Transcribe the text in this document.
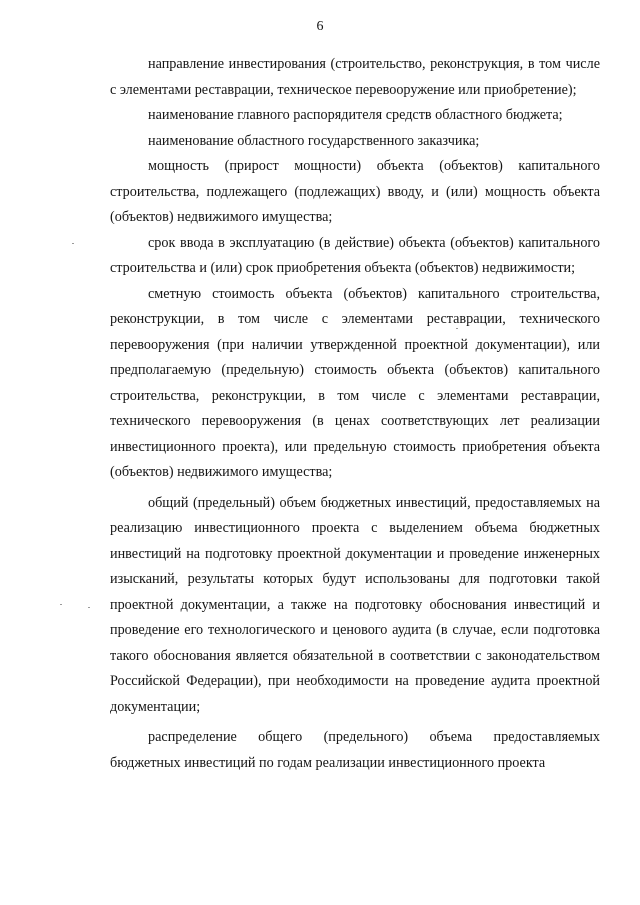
6

направление инвестирования (строительство, реконструкция, в том числе с элементами реставрации, техническое перевооружение или приобретение);

наименование главного распорядителя средств областного бюджета;

наименование областного государственного заказчика;

мощность (прирост мощности) объекта (объектов) капитального строительства, подлежащего (подлежащих) вводу, и (или) мощность объекта (объектов) недвижимого имущества;

срок ввода в эксплуатацию (в действие) объекта (объектов) капитального строительства и (или) срок приобретения объекта (объектов) недвижимости;

сметную стоимость объекта (объектов) капитального строительства, реконструкции, в том числе с элементами реставрации, технического перевооружения (при наличии утвержденной проектной документации), или предполагаемую (предельную) стоимость объекта (объектов) капитального строительства, реконструкции, в том числе с элементами реставрации, технического перевооружения (в ценах соответствующих лет реализации инвестиционного проекта), или предельную стоимость приобретения объекта (объектов) недвижимого имущества;

общий (предельный) объем бюджетных инвестиций, предоставляемых на реализацию инвестиционного проекта с выделением объема бюджетных инвестиций на подготовку проектной документации и проведение инженерных изысканий, результаты которых будут использованы для подготовки такой проектной документации, а также на подготовку обоснования инвестиций и проведение его технологического и ценового аудита (в случае, если подготовка такого обоснования является обязательной в соответствии с законодательством Российской Федерации), при необходимости на проведение аудита проектной документации;

распределение общего (предельного) объема предоставляемых бюджетных инвестиций по годам реализации инвестиционного проекта
